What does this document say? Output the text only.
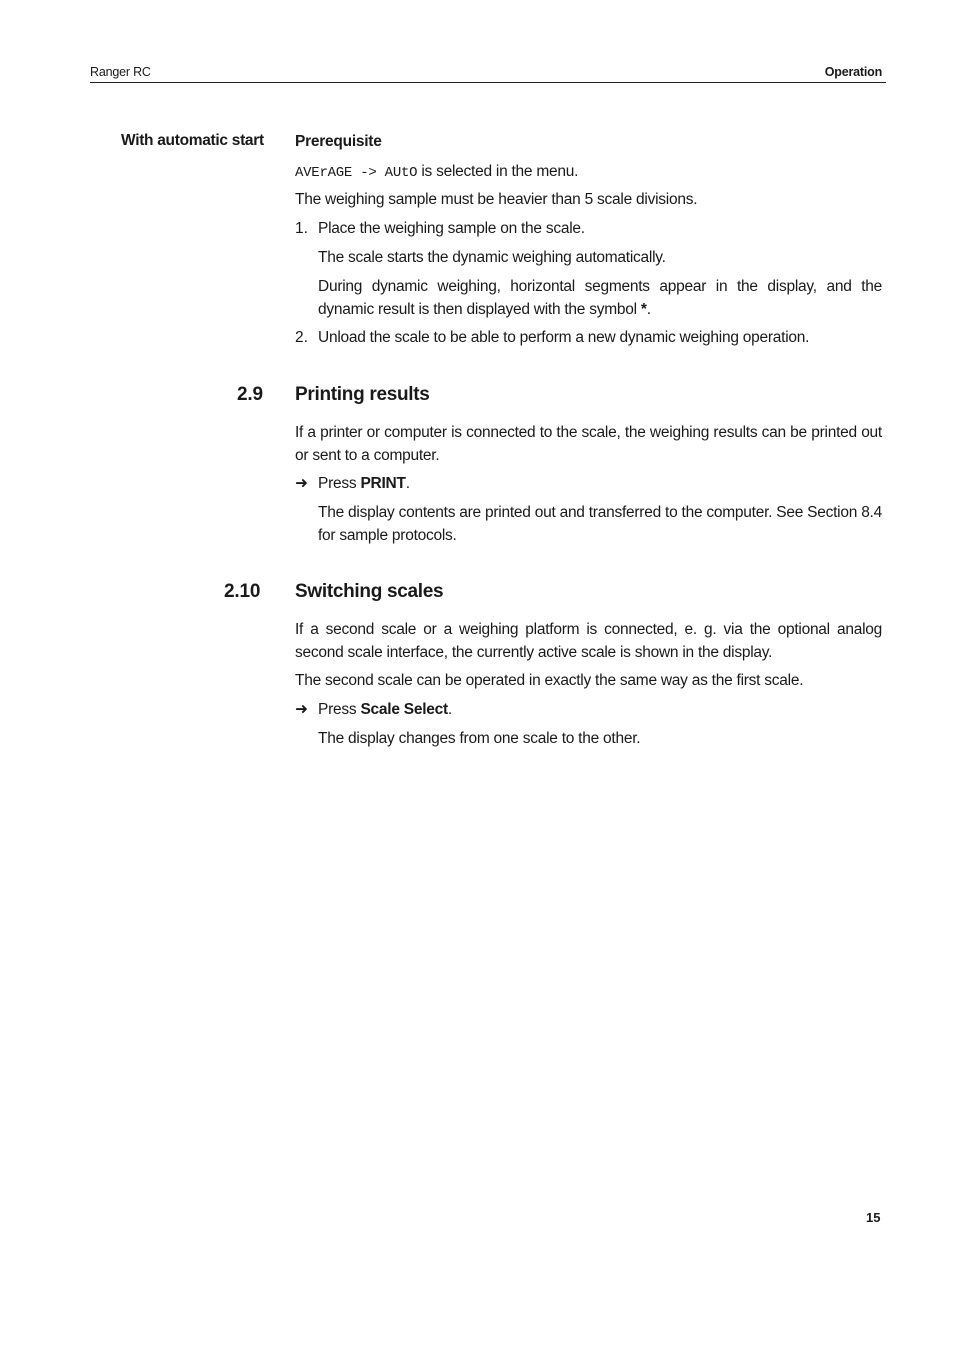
Ranger RC	Operation
With automatic start Prerequisite
AVErAGE -> AUtO is selected in the menu.
The weighing sample must be heavier than 5 scale divisions.
1. Place the weighing sample on the scale.
The scale starts the dynamic weighing automatically.
During dynamic weighing, horizontal segments appear in the display, and the dynamic result is then displayed with the symbol *.
2. Unload the scale to be able to perform a new dynamic weighing operation.
2.9 Printing results
If a printer or computer is connected to the scale, the weighing results can be printed out or sent to a computer.
➜ Press PRINT.
The display contents are printed out and transferred to the computer. See Section 8.4 for sample protocols.
2.10 Switching scales
If a second scale or a weighing platform is connected, e. g. via the optional analog second scale interface, the currently active scale is shown in the display.
The second scale can be operated in exactly the same way as the first scale.
➜ Press Scale Select.
The display changes from one scale to the other.
15
